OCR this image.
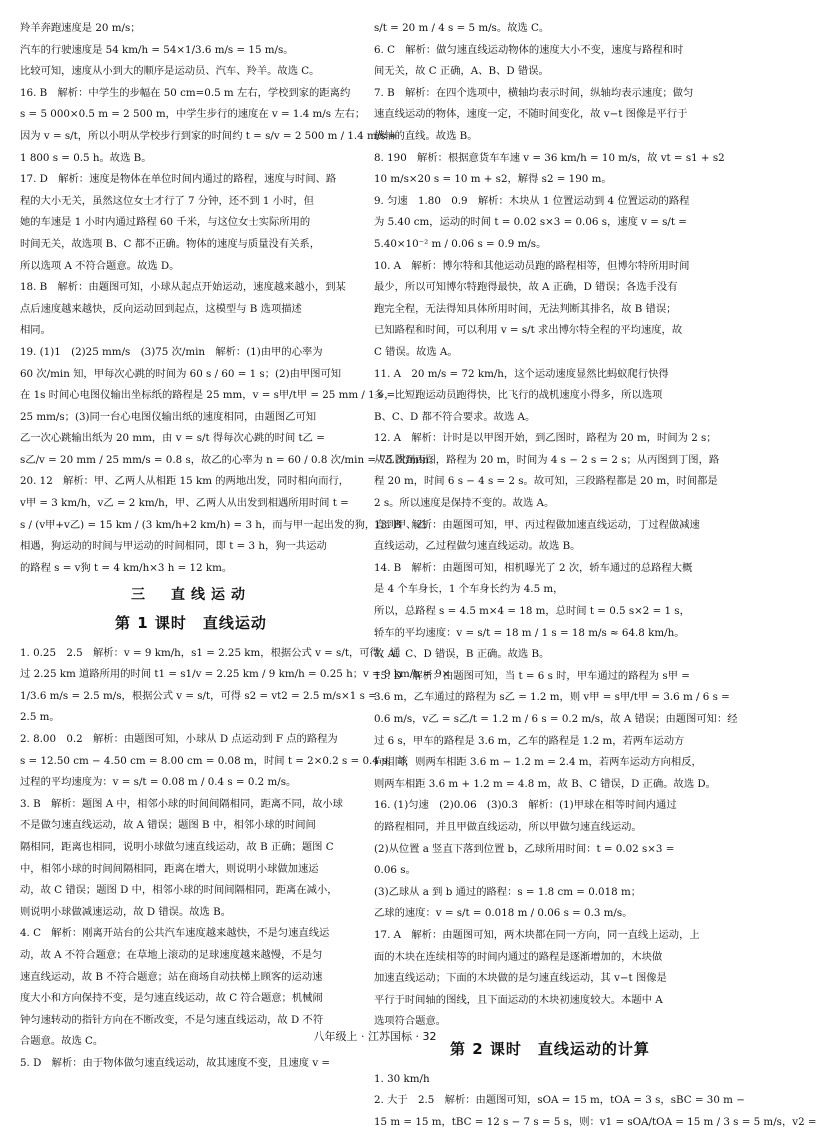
羚羊奔跑速度是 20 m/s；

汽车的行驶速度是 54 km/h = 54×1/3.6 m/s = 15 m/s。

比较可知，速度从小到大的顺序是运动员、汽车、羚羊。故选 C。

16. B　解析：中学生的步幅在 50 cm=0.5 m 左右，学校到家的距离约

s = 5 000×0.5 m = 2 500 m，中学生步行的速度在 v = 1.4 m/s 左右；

因为 v = s/t，所以小明从学校步行到家的时间约 t = s/v = 2 500 m / 1.4 m/s ≈

1 800 s = 0.5 h。故选 B。

17. D　解析：速度是物体在单位时间内通过的路程，速度与时间、路

程的大小无关，虽然这位女士才行了 7 分钟，还不到 1 小时，但

她的车速是 1 小时内通过路程 60 千米，与这位女士实际所用的

时间无关，故选项 B、C 都不正确。物体的速度与质量没有关系，

所以选项 A 不符合题意。故选 D。

18. B　解析：由题图可知，小球从起点开始运动，速度越来越小，到某

点后速度越来越快，反向运动回到起点，这模型与 B 选项描述

相同。

19. (1)1　(2)25 mm/s　(3)75 次/min　解析：(1)由甲的心率为

60 次/min 知，甲每次心跳的时间为 60 s / 60 = 1 s；(2)由甲图可知

在 1s 时间心电图仪输出坐标纸的路程是 25 mm，v = s甲/t甲 = 25 mm / 1 s =

25 mm/s；(3)同一台心电图仪输出纸的速度相同，由题图乙可知

乙一次心跳输出纸为 20 mm，由 v = s/t 得每次心跳的时间 t乙 =

s乙/v = 20 mm / 25 mm/s = 0.8 s，故乙的心率为 n = 60 / 0.8 次/min = 75 次/min。

20. 12　解析：甲、乙两人从相距 15 km 的两地出发，同时相向而行，

v甲 = 3 km/h，v乙 = 2 km/h，甲、乙两人从出发到相遇所用时间 t =

s / (v甲+v乙) = 15 km / (3 km/h+2 km/h) = 3 h，而与甲一起出发的狗，直到甲、乙

相遇，狗运动的时间与甲运动的时间相同，即 t = 3 h，狗一共运动

的路程 s = v狗 t = 4 km/h×3 h = 12 km。

三　直线运动
第 1 课时　直线运动

1. 0.25　2.5　解析：v = 9 km/h，s1 = 2.25 km，根据公式 v = s/t，可得，通

过 2.25 km 道路所用的时间 t1 = s1/v = 2.25 km / 9 km/h = 0.25 h；v = 9 km/h = 9×

1/3.6 m/s = 2.5 m/s，根据公式 v = s/t，可得 s2 = vt2 = 2.5 m/s×1 s =

2.5 m。

2. 8.00　0.2　解析：由题图可知，小球从 D 点运动到 F 点的路程为

s = 12.50 cm − 4.50 cm = 8.00 cm = 0.08 m，时间 t = 2×0.2 s = 0.4 s，该

过程的平均速度为：v = s/t = 0.08 m / 0.4 s = 0.2 m/s。

3. B　解析：题图 A 中，相邻小球的时间间隔相同，距离不同，故小球

不是做匀速直线运动，故 A 错误；题图 B 中，相邻小球的时间间

隔相同，距离也相同，说明小球做匀速直线运动，故 B 正确；题图 C

中，相邻小球的时间间隔相同，距离在增大，则说明小球做加速运

动，故 C 错误；题图 D 中，相邻小球的时间间隔相同，距离在减小，

则说明小球做减速运动，故 D 错误。故选 B。

4. C　解析：刚离开站台的公共汽车速度越来越快，不是匀速直线运

动，故 A 不符合题意；在草地上滚动的足球速度越来越慢，不是匀

速直线运动，故 B 不符合题意；站在商场自动扶梯上顾客的运动速

度大小和方向保持不变，是匀速直线运动，故 C 符合题意；机械闹

钟匀速转动的指针方向在不断改变，不是匀速直线运动，故 D 不符

合题意。故选 C。

5. D　解析：由于物体做匀速直线运动，故其速度不变，且速度 v =

s/t = 20 m / 4 s = 5 m/s。故选 C。

6. C　解析：做匀速直线运动物体的速度大小不变，速度与路程和时

间无关，故 C 正确，A、B、D 错误。

7. B　解析：在四个选项中，横轴均表示时间，纵轴均表示速度；做匀

速直线运动的物体，速度一定，不随时间变化，故 v−t 图像是平行于

横轴的直线。故选 B。

8. 190　解析：根据意货车车速 v = 36 km/h = 10 m/s，故 vt = s1 + s2

10 m/s×20 s = 10 m + s2，解得 s2 = 190 m。

9. 匀速　1.80　0.9　解析：木块从 1 位置运动到 4 位置运动的路程

为 5.40 cm，运动的时间 t = 0.02 s×3 = 0.06 s，速度 v = s/t =

5.40×10⁻² m / 0.06 s = 0.9 m/s。

10. A　解析：博尔特和其他运动员跑的路程相等，但博尔特所用时间

最少，所以可知博尔特跑得最快，故 A 正确，D 错误；各选手没有

跑完全程，无法得知具体所用时间，无法判断其排名，故 B 错误；

已知路程和时间，可以利用 v = s/t 求出博尔特全程的平均速度，故

C 错误。故选 A。

11. A　20 m/s = 72 km/h，这个运动速度显然比蚂蚁爬行快得

多，比短跑运动员跑得快，比飞行的战机速度小得多，所以选项

B、C、D 都不符合要求。故选 A。

12. A　解析：计时是以甲图开始，到乙图时，路程为 20 m，时间为 2 s；

从乙图到丙图，路程为 20 m，时间为 4 s − 2 s = 2 s；从丙图到丁图，路

程 20 m，时间 6 s − 4 s = 2 s。故可知，三段路程都是 20 m，时间都是

2 s。所以速度是保持不变的。故选 A。

13. B　解析：由题图可知，甲、丙过程做加速直线运动，丁过程做减速

直线运动，乙过程做匀速直线运动。故选 B。

14. B　解析：由题图可知，相机曝光了 2 次，轿车通过的总路程大概

是 4 个车身长，1 个车身长约为 4.5 m，

所以，总路程 s = 4.5 m×4 = 18 m，总时间 t = 0.5 s×2 = 1 s，

轿车的平均速度：v = s/t = 18 m / 1 s = 18 m/s ≈ 64.8 km/h。

故 A、C、D 错误，B 正确。故选 B。

15. D　解析：由题图可知，当 t = 6 s 时，甲车通过的路程为 s甲 =

3.6 m，乙车通过的路程为 s乙 = 1.2 m，则 v甲 = s甲/t甲 = 3.6 m / 6 s =

0.6 m/s，v乙 = s乙/t = 1.2 m / 6 s = 0.2 m/s，故 A 错误；由题图可知：经

过 6 s，甲车的路程是 3.6 m，乙车的路程是 1.2 m，若两车运动方

向相同，则两车相距 3.6 m − 1.2 m = 2.4 m，若两车运动方向相反，

则两车相距 3.6 m + 1.2 m = 4.8 m，故 B、C 错误，D 正确。故选 D。

16. (1)匀速　(2)0.06　(3)0.3　解析：(1)甲球在相等时间内通过

的路程相同，并且甲做直线运动，所以甲做匀速直线运动。

(2)从位置 a 竖直下落到位置 b，乙球所用时间：t = 0.02 s×3 =

0.06 s。

(3)乙球从 a 到 b 通过的路程：s = 1.8 cm = 0.018 m；

乙球的速度：v = s/t = 0.018 m / 0.06 s = 0.3 m/s。

17. A　解析：由题图可知，两木块都在同一方向，同一直线上运动，上

面的木块在连续相等的时间内通过的路程是逐渐增加的，木块做

加速直线运动；下面的木块做的是匀速直线运动，其 v−t 图像是

平行于时间轴的图线，且下面运动的木块初速度较大。本题中 A

选项符合题意。

第 2 课时　直线运动的计算

1. 30 km/h

2. 大于　2.5　解析：由题图可知，sOA = 15 m，tOA = 3 s，sBC = 30 m −

15 m = 15 m，tBC = 12 s − 7 s = 5 s，则：v1 = sOA/tOA = 15 m / 3 s = 5 m/s，v2 =

八年级上 · 江苏国标 · 32
